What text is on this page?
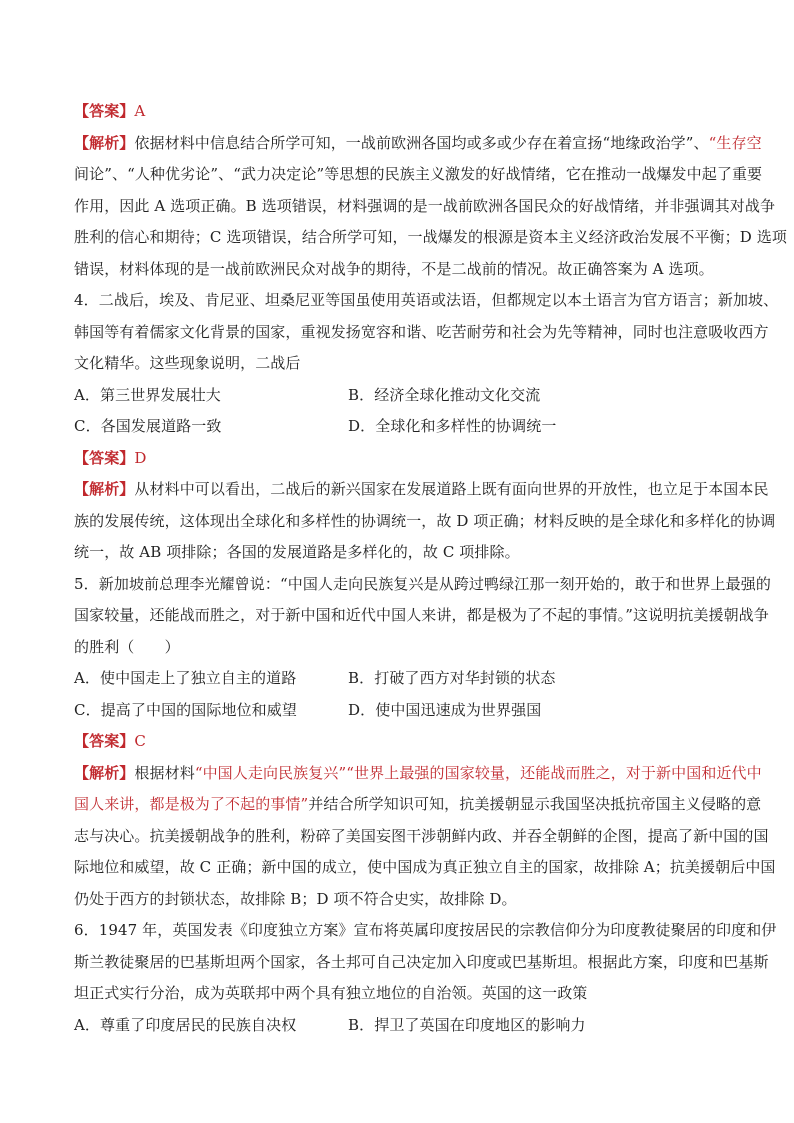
【答案】A
【解析】依据材料中信息结合所学可知，一战前欧洲各国均或多或少存在着宣扬“地缘政治学”、“生存空
间论”、“人种优劣论”、“武力决定论”等思想的民族主义激发的好战情绪，它在推动一战爆发中起了重要
作用，因此 A 选项正确。B 选项错误，材料强调的是一战前欧洲各国民众的好战情绪，并非强调其对战争
胜利的信心和期待；C 选项错误，结合所学可知，一战爆发的根源是资本主义经济政治发展不平衡；D 选项
错误，材料体现的是一战前欧洲民众对战争的期待，不是二战前的情况。故正确答案为 A 选项。
4．二战后，埃及、肯尼亚、坦桑尼亚等国虽使用英语或法语，但都规定以本土语言为官方语言；新加坡、
韩国等有着儒家文化背景的国家，重视发扬宽容和谐、吃苦耐劳和社会为先等精神，同时也注意吸收西方
文化精华。这些现象说明，二战后
A．第三世界发展壮大	B．经济全球化推动文化交流
C．各国发展道路一致	D．全球化和多样性的协调统一
【答案】D
【解析】从材料中可以看出，二战后的新兴国家在发展道路上既有面向世界的开放性，也立足于本国本民
族的发展传统，这体现出全球化和多样性的协调统一，故 D 项正确；材料反映的是全球化和多样化的协调
统一，故 AB 项排除；各国的发展道路是多样化的，故 C 项排除。
5．新加坡前总理李光耀曾说：“中国人走向民族复兴是从跨过鸭绿江那一刻开始的，敢于和世界上最强的
国家较量，还能战而胜之，对于新中国和近代中国人来讲，都是极为了不起的事情。”这说明抗美援朝战争
的胜利（　　）
A．使中国走上了独立自主的道路	B．打破了西方对华封锁的状态
C．提高了中国的国际地位和威望	D．使中国迅速成为世界强国
【答案】C
【解析】根据材料“中国人走向民族复兴”“世界上最强的国家较量，还能战而胜之，对于新中国和近代中
国人来讲，都是极为了不起的事情”并结合所学知识可知，抗美援朝显示我国坚决抵抗帝国主义侵略的意
志与决心。抗美援朝战争的胜利，粉碎了美国妄图干涉朝鲜内政、并吞全朝鲜的企图，提高了新中国的国
际地位和威望，故 C 正确；新中国的成立，使中国成为真正独立自主的国家，故排除 A；抗美援朝后中国
仍处于西方的封锁状态，故排除 B；D 项不符合史实，故排除 D。
6．1947 年，英国发表《印度独立方案》宣布将英属印度按居民的宗教信仰分为印度教徒聚居的印度和伊
斯兰教徒聚居的巴基斯坦两个国家，各土邦可自己决定加入印度或巴基斯坦。根据此方案，印度和巴基斯
坦正式实行分治，成为英联邦中两个具有独立地位的自治领。英国的这一政策
A．尊重了印度居民的民族自决权	B．捍卫了英国在印度地区的影响力
